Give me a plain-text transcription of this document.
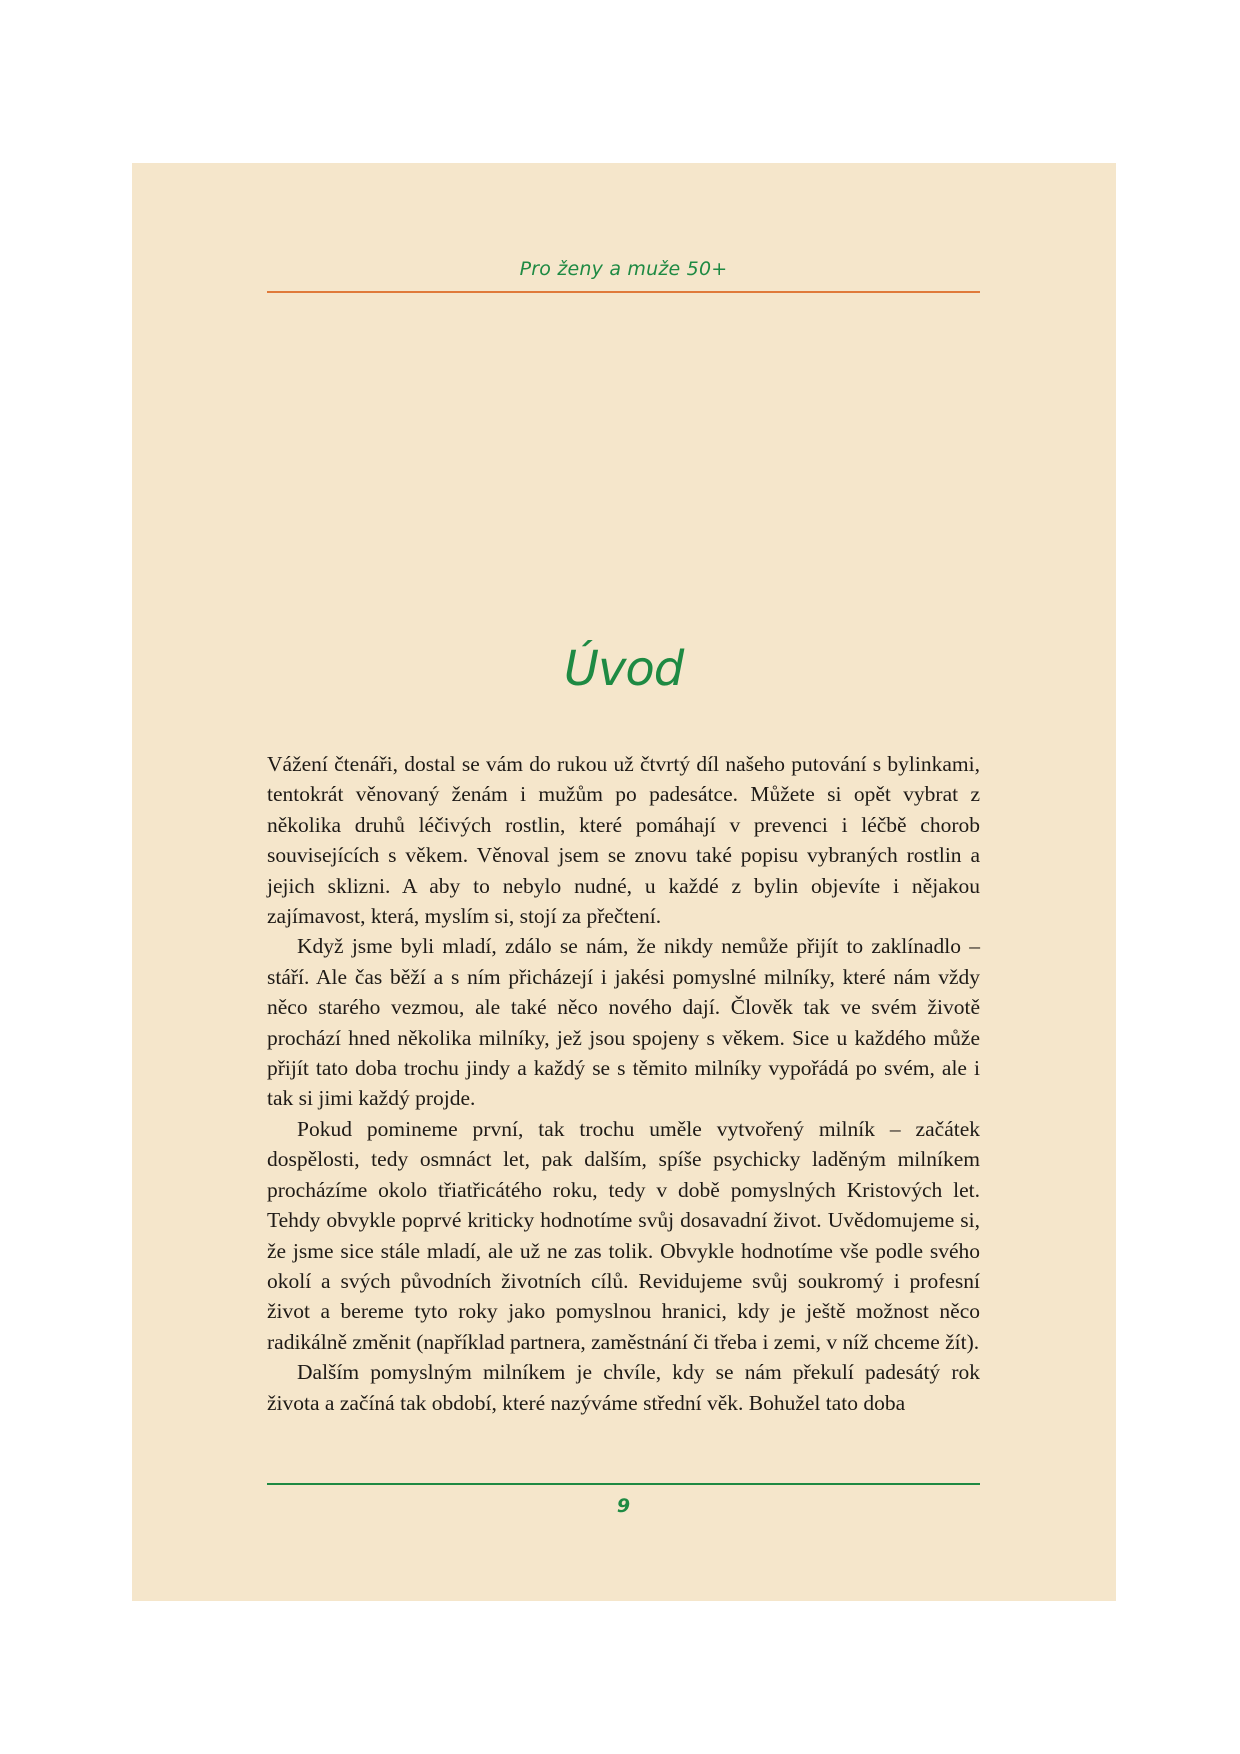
Pro ženy a muže 50+
Úvod

Vážení čtenáři, dostal se vám do rukou už čtvrtý díl našeho putování s bylinkami, tentokrát věnovaný ženám i mužům po padesátce. Můžete si opět vybrat z několika druhů léčivých rostlin, které pomáhají v prevenci i léčbě chorob souvisejících s věkem. Věnoval jsem se znovu také popisu vybraných rostlin a jejich sklizni. A aby to nebylo nudné, u každé z bylin objevíte i nějakou zajímavost, která, myslím si, stojí za přečtení.

Když jsme byli mladí, zdálo se nám, že nikdy nemůže přijít to zaklínadlo – stáří. Ale čas běží a s ním přicházejí i jakési pomyslné milníky, které nám vždy něco starého vezmou, ale také něco nového dají. Člověk tak ve svém životě prochází hned několika milníky, jež jsou spojeny s věkem. Sice u každého může přijít tato doba trochu jindy a každý se s těmito milníky vypořádá po svém, ale i tak si jimi každý projde.

Pokud pomineme první, tak trochu uměle vytvořený milník – začátek dospělosti, tedy osmnáct let, pak dalším, spíše psychicky laděným milníkem procházíme okolo třiatřicátého roku, tedy v době pomyslných Kristových let. Tehdy obvykle poprvé kriticky hodnotíme svůj dosavadní život. Uvědomujeme si, že jsme sice stále mladí, ale už ne zas tolik. Obvykle hodnotíme vše podle svého okolí a svých původních životních cílů. Revidujeme svůj soukromý i profesní život a bereme tyto roky jako pomyslnou hranici, kdy je ještě možnost něco radikálně změnit (například partnera, zaměstnání či třeba i zemi, v níž chceme žít).

Dalším pomyslným milníkem je chvíle, kdy se nám překulí padesátý rok života a začíná tak období, které nazýváme střední věk. Bohužel tato doba

9
